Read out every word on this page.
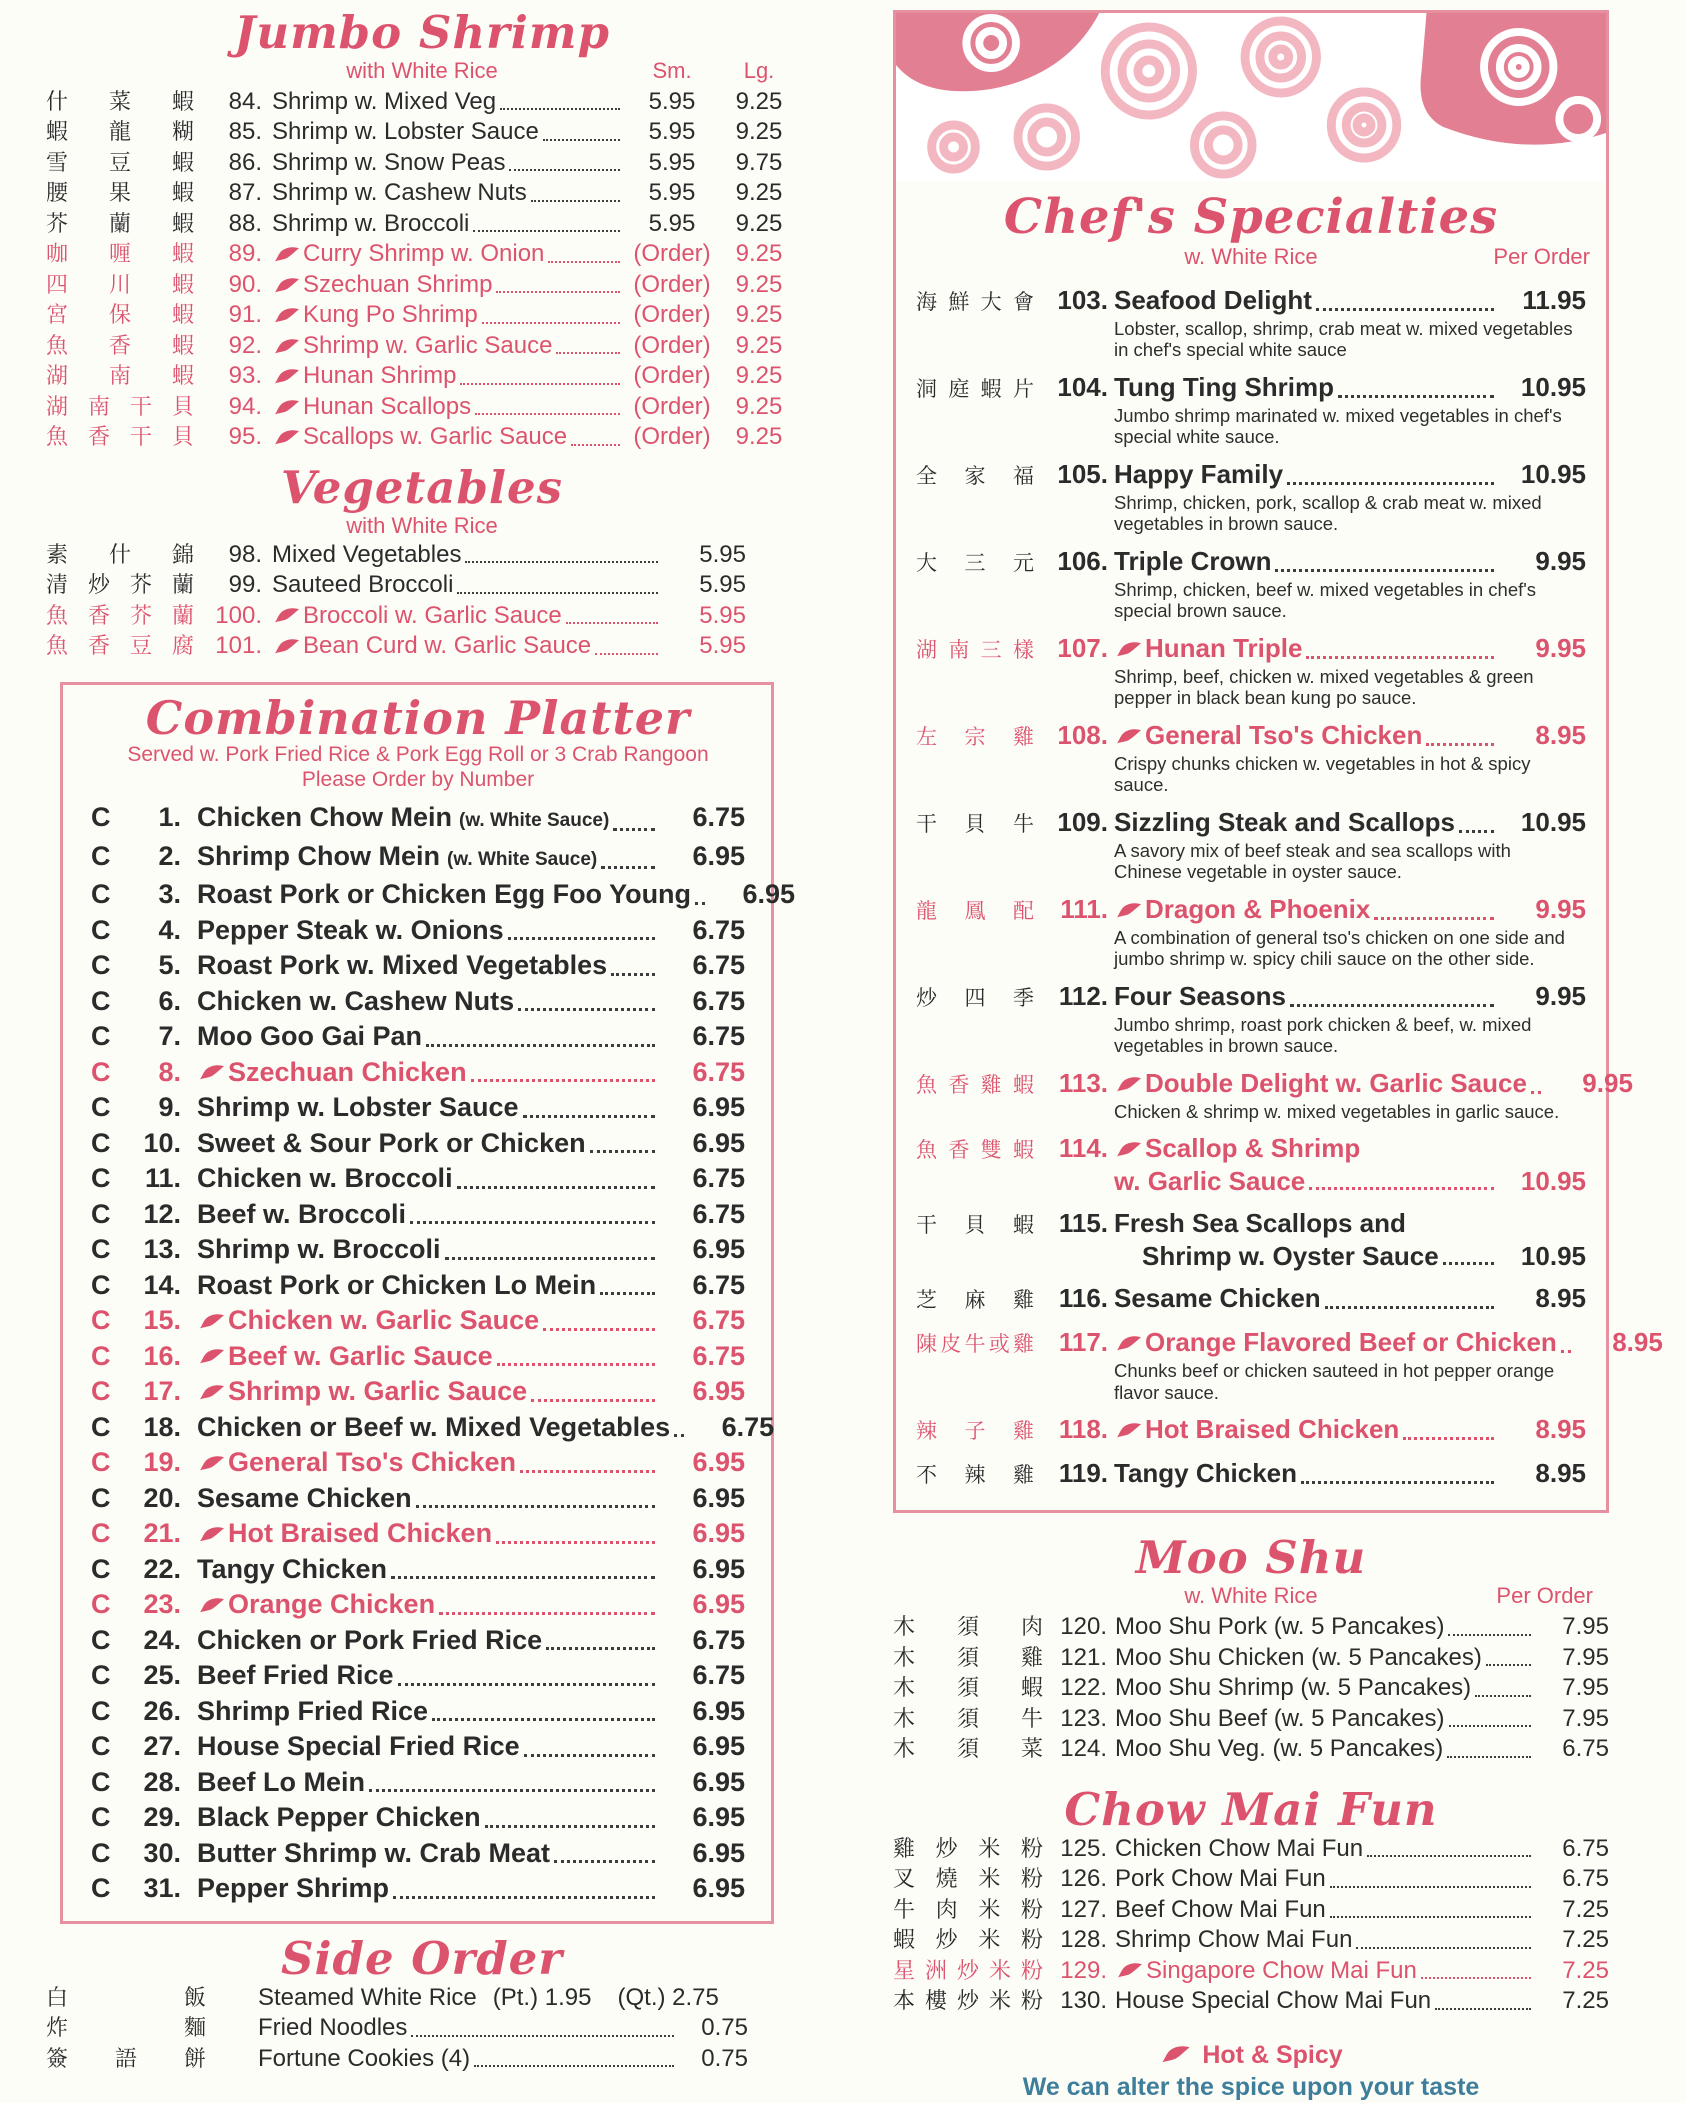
Jumbo Shrimp
with White Rice	Sm.	Lg.
什 菜 蝦	84. Shrimp w. Mixed Veg	5.95	9.25
蝦 龍 糊	85. Shrimp w. Lobster Sauce	5.95	9.25
雪 豆 蝦	86. Shrimp w. Snow Peas	5.95	9.75
腰 果 蝦	87. Shrimp w. Cashew Nuts	5.95	9.25
芥 蘭 蝦	88. Shrimp w. Broccoli	5.95	9.25
咖 喱 蝦	89. Curry Shrimp w. Onion	(Order)	9.25
四 川 蝦	90. Szechuan Shrimp	(Order)	9.25
宮 保 蝦	91. Kung Po Shrimp	(Order)	9.25
魚 香 蝦	92. Shrimp w. Garlic Sauce	(Order)	9.25
湖 南 蝦	93. Hunan Shrimp	(Order)	9.25
湖 南 干 貝	94. Hunan Scallops	(Order)	9.25
魚 香 干 貝	95. Scallops w. Garlic Sauce	(Order)	9.25
Vegetables
with White Rice
素 什 錦	98. Mixed Vegetables	5.95
清 炒 芥 蘭	99. Sauteed Broccoli	5.95
魚 香 芥 蘭 100. Broccoli w. Garlic Sauce	5.95
魚 香 豆 腐 101. Bean Curd w. Garlic Sauce	5.95
Combination Platter
Served w. Pork Fried Rice & Pork Egg Roll or 3 Crab Rangoon
Please Order by Number
C	1. Chicken Chow Mein (w. White Sauce)	6.75
C	2. Shrimp Chow Mein (w. White Sauce)	6.95
C	3. Roast Pork or Chicken Egg Foo Young	6.95
C	4. Pepper Steak w. Onions	6.75
C	5. Roast Pork w. Mixed Vegetables	6.75
C	6. Chicken w. Cashew Nuts	6.75
C	7. Moo Goo Gai Pan	6.75
C	8. Szechuan Chicken	6.75
C	9. Shrimp w. Lobster Sauce	6.95
C	10. Sweet & Sour Pork or Chicken	6.95
C	11. Chicken w. Broccoli	6.75
C	12. Beef w. Broccoli	6.75
C	13. Shrimp w. Broccoli	6.95
C	14. Roast Pork or Chicken Lo Mein	6.75
C	15. Chicken w. Garlic Sauce	6.75
C	16. Beef w. Garlic Sauce	6.75
C	17. Shrimp w. Garlic Sauce	6.95
C	18. Chicken or Beef w. Mixed Vegetables	6.75
C	19. General Tso's Chicken	6.95
C	20. Sesame Chicken	6.95
C	21. Hot Braised Chicken	6.95
C	22. Tangy Chicken	6.95
C	23. Orange Chicken	6.95
C	24. Chicken or Pork Fried Rice	6.75
C	25. Beef Fried Rice	6.75
C	26. Shrimp Fried Rice	6.95
C	27. House Special Fried Rice	6.95
C	28. Beef Lo Mein	6.95
C	29. Black Pepper Chicken	6.95
C	30. Butter Shrimp w. Crab Meat	6.95
C	31. Pepper Shrimp	6.95
Side Order
白	飯 Steamed White Rice (Pt.) 1.95 (Qt.) 2.75
炸	麵 Fried Noodles	0.75
簽 語 餅 Fortune Cookies (4)	0.75
Chef's Specialties
w. White Rice	Per Order
海 鮮 大 會 103. Seafood Delight	11.95
Lobster, scallop, shrimp, crab meat w. mixed vegetables in chef's special white sauce
洞 庭 蝦 片 104. Tung Ting Shrimp	10.95
Jumbo shrimp marinated w. mixed vegetables in chef's special white sauce.
全 家 福 105. Happy Family	10.95
Shrimp, chicken, pork, scallop & crab meat w. mixed vegetables in brown sauce.
大 三 元 106. Triple Crown	9.95
Shrimp, chicken, beef w. mixed vegetables in chef's special brown sauce.
湖 南 三 樣 107. Hunan Triple	9.95
Shrimp, beef, chicken w. mixed vegetables & green pepper in black bean kung po sauce.
左 宗 雞 108. General Tso's Chicken	8.95
Crispy chunks chicken w. vegetables in hot & spicy sauce.
干 貝 牛 109. Sizzling Steak and Scallops	10.95
A savory mix of beef steak and sea scallops with Chinese vegetable in oyster sauce.
龍 鳳 配	111. Dragon & Phoenix	9.95
A combination of general tso's chicken on one side and jumbo shrimp w. spicy chili sauce on the other side.
炒 四 季 112. Four Seasons	9.95
Jumbo shrimp, roast pork chicken & beef, w. mixed vegetables in brown sauce.
魚 香 雞 蝦 113. Double Delight w. Garlic Sauce	9.95
Chicken & shrimp w. mixed vegetables in garlic sauce.
魚 香 雙 蝦 114. Scallop & Shrimp
w. Garlic Sauce	10.95
干 貝 蝦 115. Fresh Sea Scallops and
Shrimp w. Oyster Sauce	10.95
芝 麻 雞 116. Sesame Chicken	8.95
陳 皮 牛 或 雞 117. Orange Flavored Beef or Chicken	8.95
Chunks beef or chicken sauteed in hot pepper orange flavor sauce.
辣 子 雞 118. Hot Braised Chicken	8.95
不 辣 雞 119. Tangy Chicken	8.95
Moo Shu
w. White Rice	Per Order
木 須 肉 120. Moo Shu Pork (w. 5 Pancakes)	7.95
木 須 雞 121. Moo Shu Chicken (w. 5 Pancakes)	7.95
木 須 蝦 122. Moo Shu Shrimp (w. 5 Pancakes)	7.95
木 須 牛 123. Moo Shu Beef (w. 5 Pancakes)	7.95
木 須 菜 124. Moo Shu Veg. (w. 5 Pancakes)	6.75
Chow Mai Fun
雞 炒 米 粉 125. Chicken Chow Mai Fun	6.75
叉 燒 米 粉 126. Pork Chow Mai Fun	6.75
牛 肉 米 粉 127. Beef Chow Mai Fun	7.25
蝦 炒 米 粉 128. Shrimp Chow Mai Fun	7.25
星 洲 炒 米 粉 129. Singapore Chow Mai Fun	7.25
本 樓 炒 米 粉 130. House Special Chow Mai Fun	7.25
Hot & Spicy
We can alter the spice upon your taste
